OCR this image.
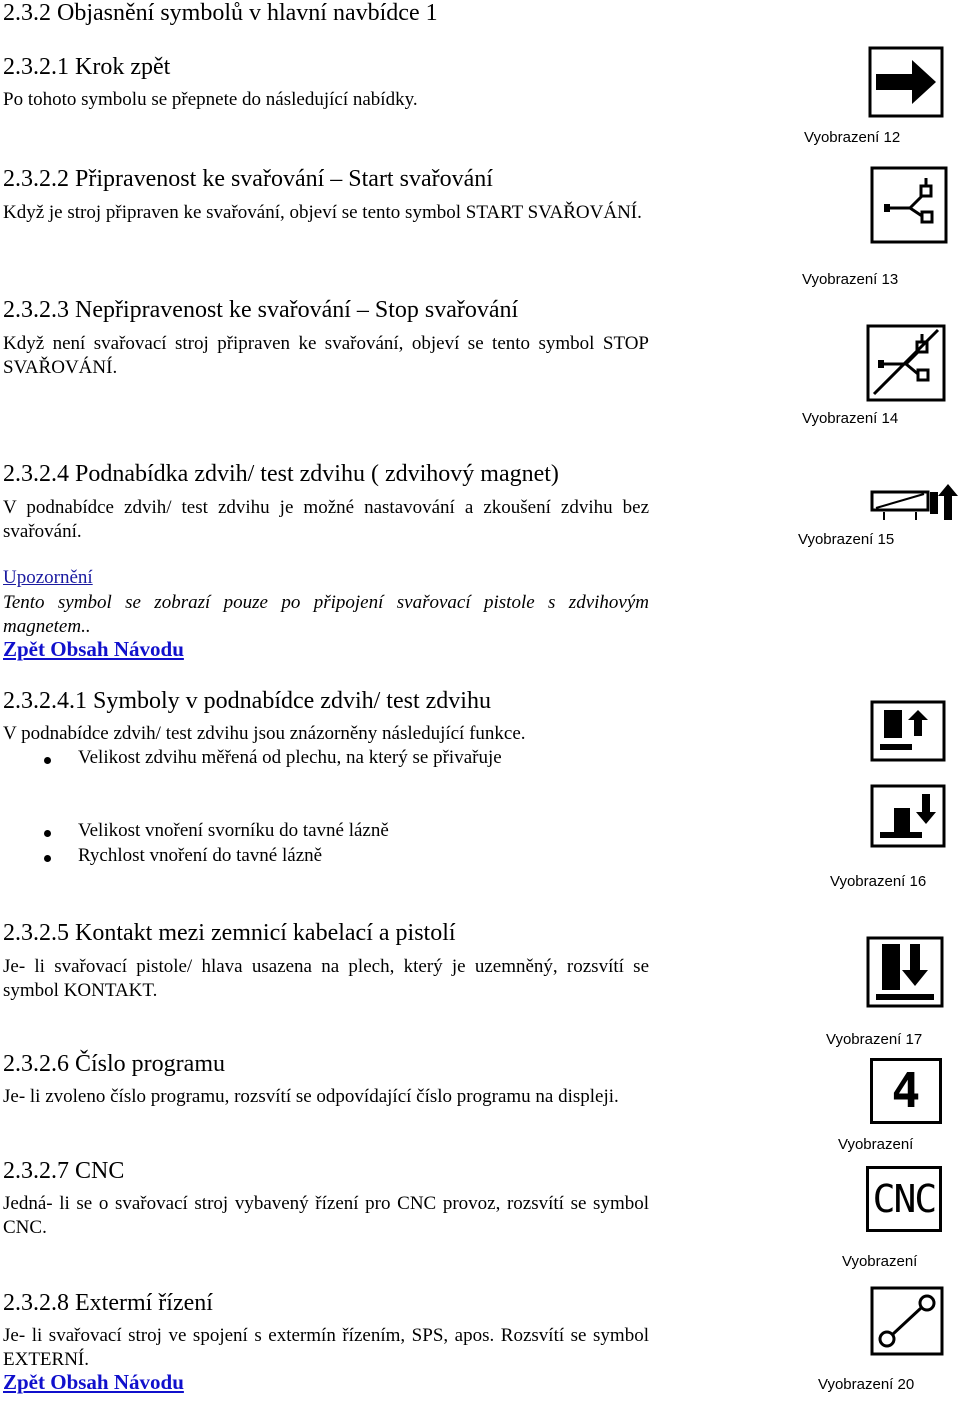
2.3.2 Objasnění symbolů v hlavní navbídce 1
2.3.2.1 Krok zpět
Po tohoto symbolu se přepnete do následující nabídky.
2.3.2.2 Připravenost ke svařování – Start svařování
Když je stroj připraven ke svařování, objeví se tento symbol START SVAŘOVÁNÍ.
2.3.2.3 Nepřipravenost ke svařování – Stop svařování
Když není svařovací stroj připraven ke svařování, objeví se tento symbol STOP SVAŘOVÁNÍ.
2.3.2.4 Podnabídka zdvih/ test zdvihu ( zdvihový magnet)
V podnabídce zdvih/ test zdvihu je možné nastavování a zkoušení zdvihu bez svařování.
Upozornění
Tento symbol se zobrazí pouze po připojení svařovací pistole s zdvihovým magnetem..
Zpět Obsah Návodu
2.3.2.4.1 Symboly v podnabídce zdvih/ test zdvihu
V podnabídce zdvih/ test zdvihu jsou znázorněny následující funkce.
Velikost zdvihu měřená od plechu, na který se přivařuje
Velikost vnoření svorníku do tavné lázně
Rychlost vnoření do tavné lázně
2.3.2.5 Kontakt mezi zemnicí kabelací a pistolí
Je- li svařovací pistole/ hlava usazena na plech, který je uzemněný, rozsvítí se symbol KONTAKT.
2.3.2.6 Číslo programu
Je- li zvoleno číslo programu, rozsvítí se odpovídající číslo programu na displeji.
2.3.2.7 CNC
Jedná- li se o svařovací stroj vybavený řízení pro CNC provoz, rozsvítí se symbol CNC.
2.3.2.8 Extermí řízení
Je- li svařovací stroj ve spojení s extermín řízením, SPS, apos. Rozsvítí se symbol EXTERNÍ.
Zpět Obsah Návodu
Vyobrazení 12
Vyobrazení 13
Vyobrazení 14
Vyobrazení 15
Vyobrazení 16
Vyobrazení 17
4
Vyobrazení
CNC
Vyobrazení
Vyobrazení 20
